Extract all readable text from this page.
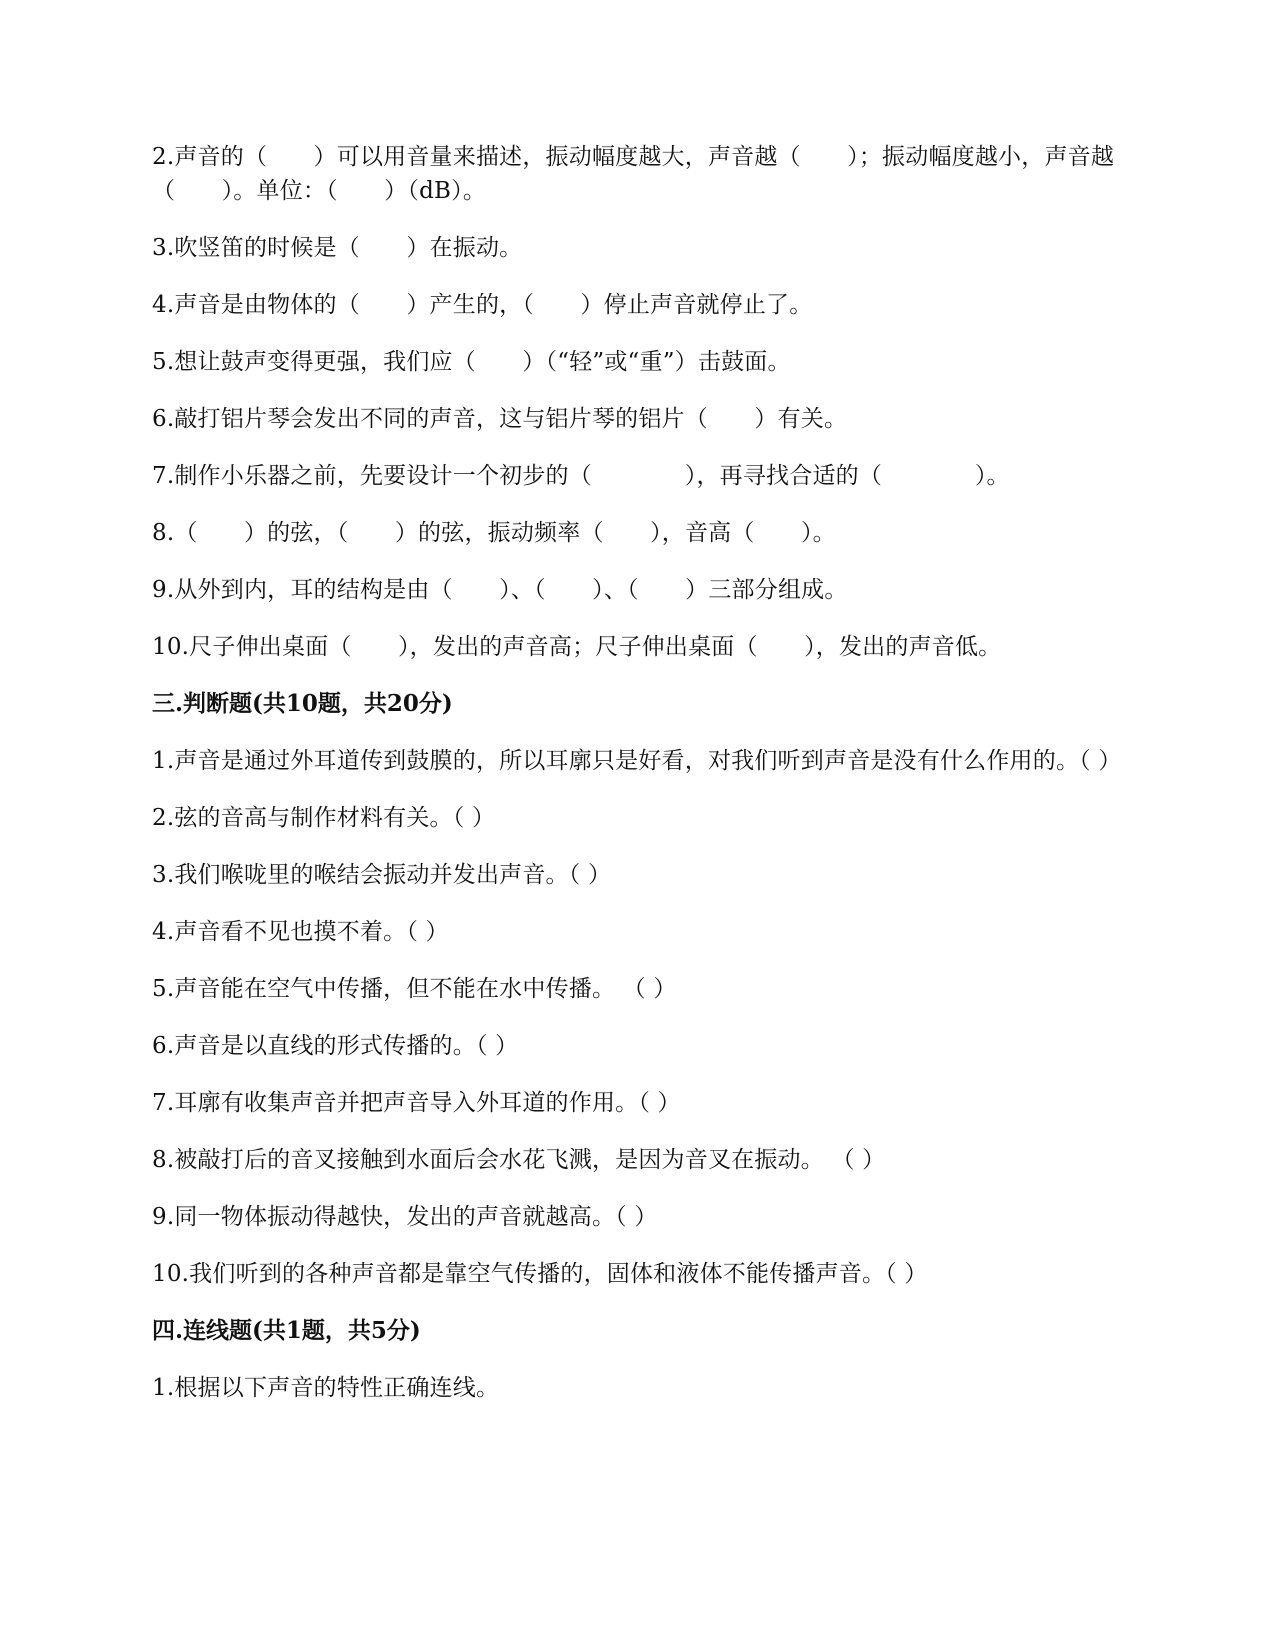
2.声音的（　　）可以用音量来描述，振动幅度越大，声音越（　　）；振动幅度越小，声音越（　　）。单位：（　　）（dB）。

3.吹竖笛的时候是（　　）在振动。

4.声音是由物体的（　　）产生的，（　　）停止声音就停止了。

5.想让鼓声变得更强，我们应（　　）（“轻”或“重”）击鼓面。

6.敲打铝片琴会发出不同的声音，这与铝片琴的铝片（　　）有关。

7.制作小乐器之前，先要设计一个初步的（　　　　），再寻找合适的（　　　　）。

8.（　　）的弦，（　　）的弦，振动频率（　　），音高（　　）。

9.从外到内，耳的结构是由（　　）、（　　）、（　　）三部分组成。

10.尺子伸出桌面（　　），发出的声音高；尺子伸出桌面（　　），发出的声音低。

三.判断题(共10题，共20分)

1.声音是通过外耳道传到鼓膜的，所以耳廓只是好看，对我们听到声音是没有什么作用的。（ ）

2.弦的音高与制作材料有关。（ ）

3.我们喉咙里的喉结会振动并发出声音。（ ）

4.声音看不见也摸不着。（ ）

5.声音能在空气中传播，但不能在水中传播。 （ ）

6.声音是以直线的形式传播的。（ ）

7.耳廓有收集声音并把声音导入外耳道的作用。（ ）

8.被敲打后的音叉接触到水面后会水花飞溅，是因为音叉在振动。 （ ）

9.同一物体振动得越快，发出的声音就越高。（ ）

10.我们听到的各种声音都是靠空气传播的，固体和液体不能传播声音。（ ）

四.连线题(共1题，共5分)

1.根据以下声音的特性正确连线。
